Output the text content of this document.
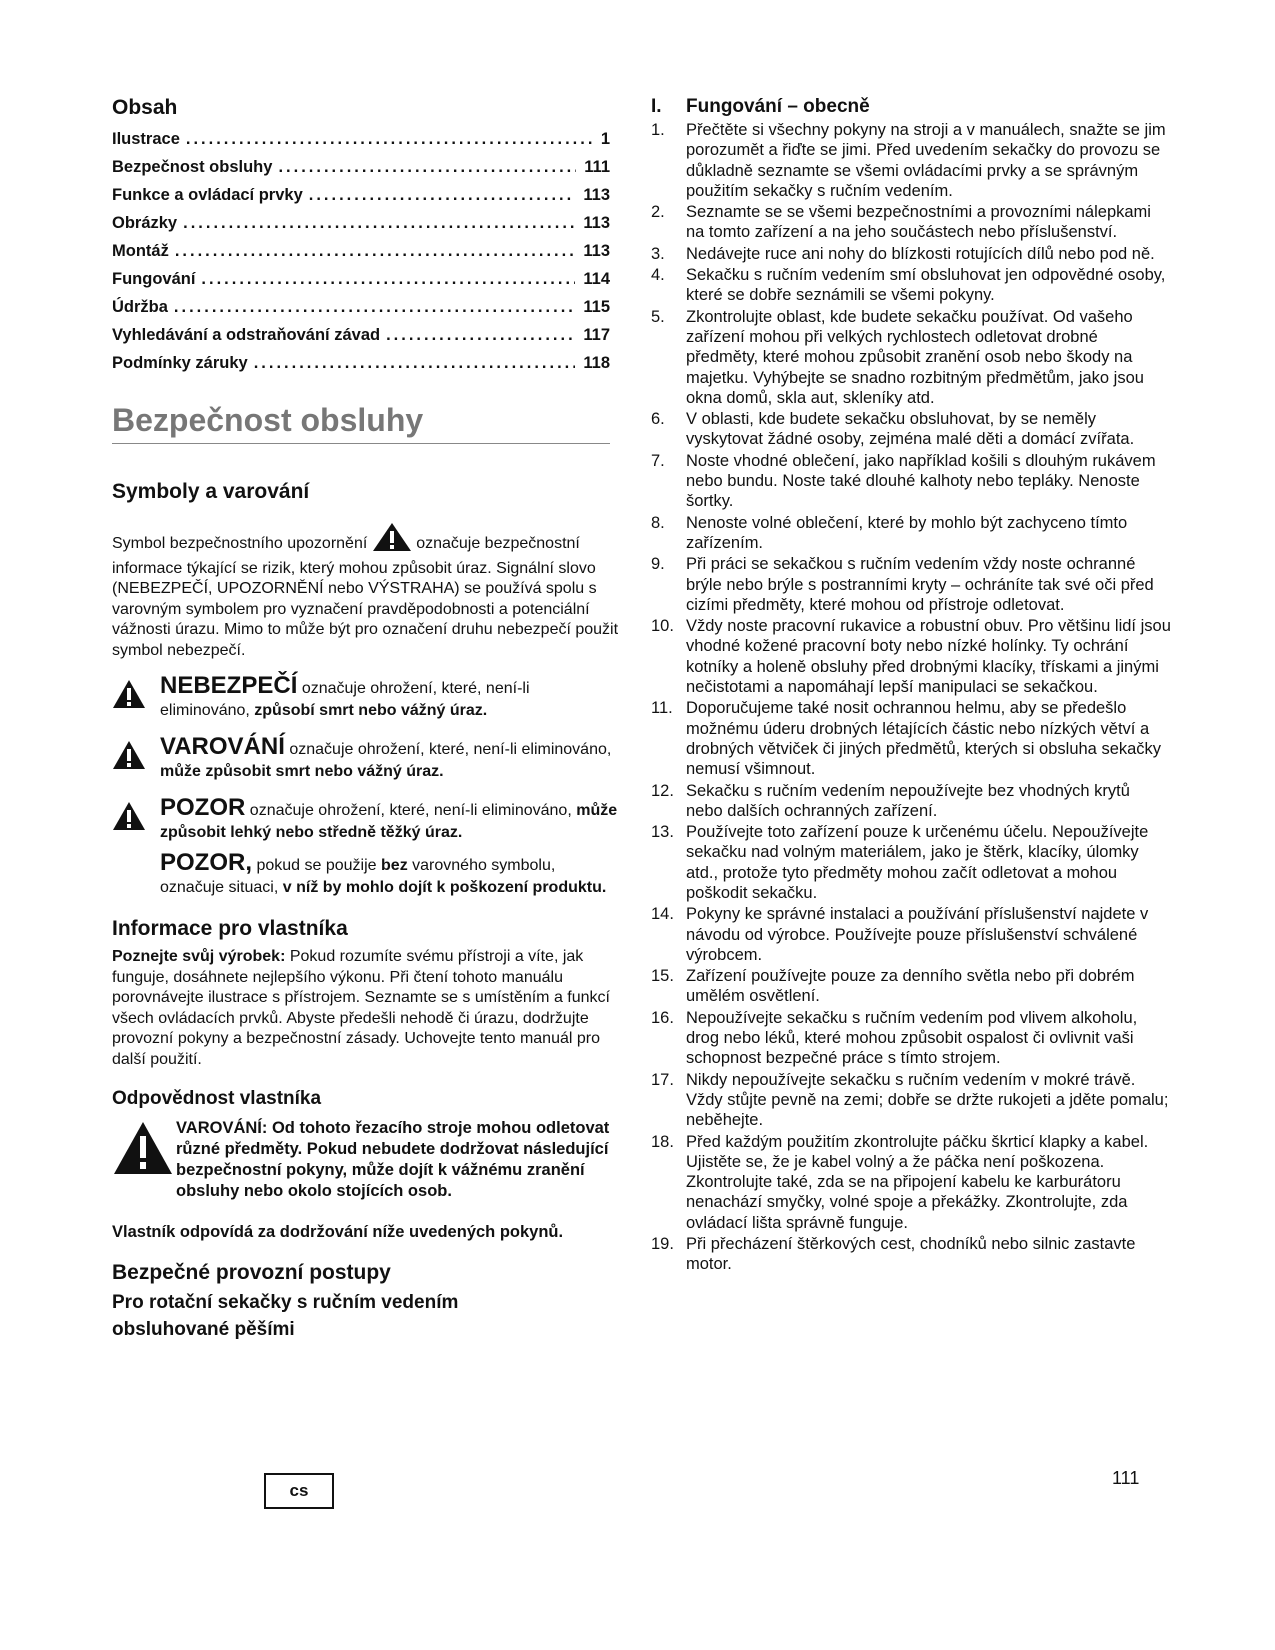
Obsah
Ilustrace .....	1
Bezpečnost obsluhy .....	111
Funkce a ovládací prvky .....	113
Obrázky .....	113
Montáž .....	113
Fungování .....	114
Údržba .....	115
Vyhledávání a odstraňování závad .....	117
Podmínky záruky .....	118
Bezpečnost obsluhy
Symboly a varování

Symbol bezpečnostního upozornění	označuje bezpečnostní informace týkající se rizik, který mohou způsobit úraz. Signální slovo (NEBEZPEČÍ, UPOZORNĚNÍ nebo VÝSTRAHA) se používá spolu s varovným symbolem pro vyznačení pravděpodobnosti a potenciální vážnosti úrazu. Mimo to může být pro označení druhu nebezpečí použit symbol nebezpečí.

NEBEZPEČÍ označuje ohrožení, které, není-li eliminováno, způsobí smrt nebo vážný úraz.
VAROVÁNÍ označuje ohrožení, které, není-li eliminováno, může způsobit smrt nebo vážný úraz.
POZOR označuje ohrožení, které, není-li eliminováno, může způsobit lehký nebo středně těžký úraz.
POZOR, pokud se použije bez varovného symbolu, označuje situaci, v níž by mohlo dojít k poškození produktu.
Informace pro vlastníka

Poznejte svůj výrobek: Pokud rozumíte svému přístroji a víte, jak funguje, dosáhnete nejlepšího výkonu. Při čtení tohoto manuálu porovnávejte ilustrace s přístrojem. Seznamte se s umístěním a funkcí všech ovládacích prvků. Abyste předešli nehodě či úrazu, dodržujte provozní pokyny a bezpečnostní zásady. Uchovejte tento manuál pro další použití.

Odpovědnost vlastníka

VAROVÁNÍ: Od tohoto řezacího stroje mohou odletovat různé předměty. Pokud nebudete dodržovat následující bezpečnostní pokyny, může dojít k vážnému zranění obsluhy nebo okolo stojících osob.

Vlastník odpovídá za dodržování níže uvedených pokynů.

Bezpečné provozní postupy
Pro rotační sekačky s ručním vedením obsluhované pěšími
I.	Fungování – obecně
1.	Přečtěte si všechny pokyny na stroji a v manuálech, snažte se jim porozumět a řiďte se jimi. Před uvedením sekačky do provozu se důkladně seznamte se všemi ovládacími prvky a se správným použitím sekačky s ručním vedením.
2.	Seznamte se se všemi bezpečnostními a provozními nálepkami na tomto zařízení a na jeho součástech nebo příslušenství.
3.	Nedávejte ruce ani nohy do blízkosti rotujících dílů nebo pod ně.
4.	Sekačku s ručním vedením smí obsluhovat jen odpovědné osoby, které se dobře seznámili se všemi pokyny.
5.	Zkontrolujte oblast, kde budete sekačku používat. Od vašeho zařízení mohou při velkých rychlostech odletovat drobné předměty, které mohou způsobit zranění osob nebo škody na majetku. Vyhýbejte se snadno rozbitným předmětům, jako jsou okna domů, skla aut, skleníky atd.
6.	V oblasti, kde budete sekačku obsluhovat, by se neměly vyskytovat žádné osoby, zejména malé děti a domácí zvířata.
7.	Noste vhodné oblečení, jako například košili s dlouhým rukávem nebo bundu. Noste také dlouhé kalhoty nebo tepláky. Nenoste šortky.
8.	Nenoste volné oblečení, které by mohlo být zachyceno tímto zařízením.
9.	Při práci se sekačkou s ručním vedením vždy noste ochranné brýle nebo brýle s postranními kryty – ochráníte tak své oči před cizími předměty, které mohou od přístroje odletovat.
10. Vždy noste pracovní rukavice a robustní obuv. Pro většinu lidí jsou vhodné kožené pracovní boty nebo nízké holínky. Ty ochrání kotníky a holeně obsluhy před drobnými klacíky, třískami a jinými nečistotami a napomáhají lepší manipulaci se sekačkou.
11. Doporučujeme také nosit ochrannou helmu, aby se předešlo možnému úderu drobných létajících částic nebo nízkých větví a drobných větviček či jiných předmětů, kterých si obsluha sekačky nemusí všimnout.
12. Sekačku s ručním vedením nepoužívejte bez vhodných krytů nebo dalších ochranných zařízení.
13. Používejte toto zařízení pouze k určenému účelu. Nepoužívejte sekačku nad volným materiálem, jako je štěrk, klacíky, úlomky atd., protože tyto předměty mohou začít odletovat a mohou poškodit sekačku.
14. Pokyny ke správné instalaci a používání příslušenství najdete v návodu od výrobce. Používejte pouze příslušenství schválené výrobcem.
15. Zařízení používejte pouze za denního světla nebo při dobrém umělém osvětlení.
16. Nepoužívejte sekačku s ručním vedením pod vlivem alkoholu, drog nebo léků, které mohou způsobit ospalost či ovlivnit vaši schopnost bezpečné práce s tímto strojem.
17. Nikdy nepoužívejte sekačku s ručním vedením v mokré trávě. Vždy stůjte pevně na zemi; dobře se držte rukojeti a jděte pomalu; neběhejte.
18. Před každým použitím zkontrolujte páčku škrticí klapky a kabel. Ujistěte se, že je kabel volný a že páčka není poškozena. Zkontrolujte také, zda se na připojení kabelu ke karburátoru nenachází smyčky, volné spoje a překážky. Zkontrolujte, zda ovládací lišta správně funguje.
19. Při přecházení štěrkových cest, chodníků nebo silnic zastavte motor.
cs
111
